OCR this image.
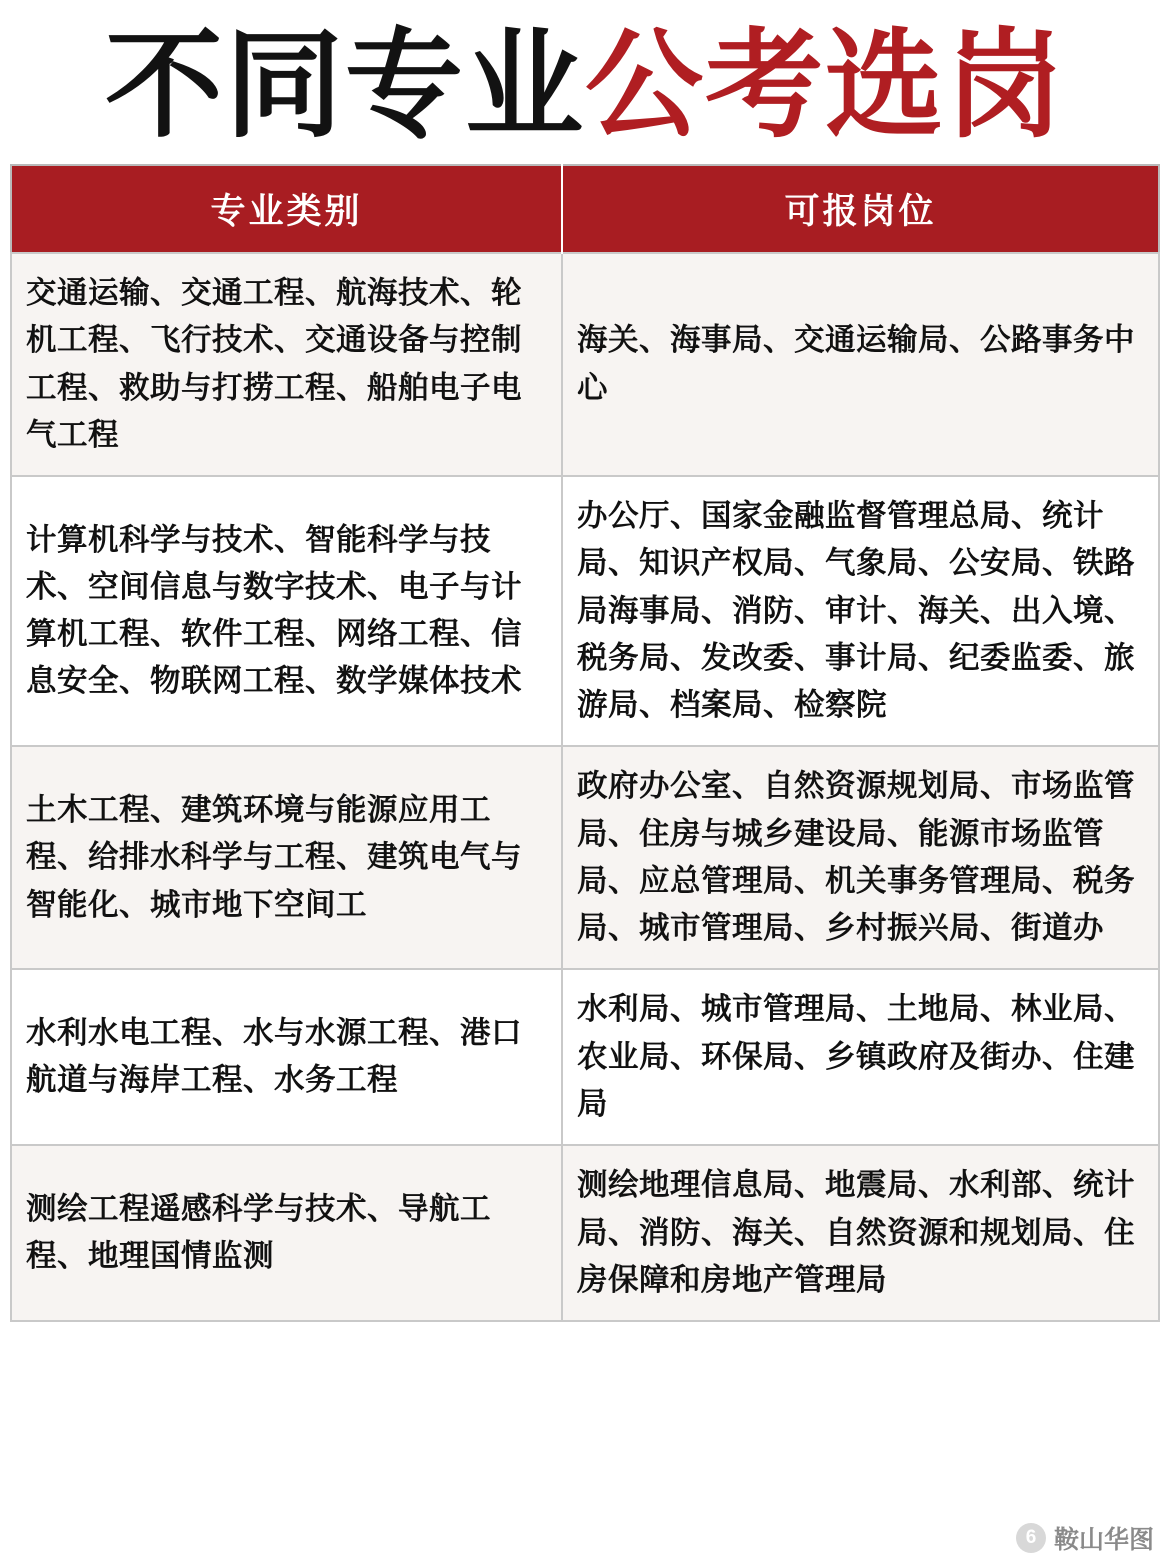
不同专业公考选岗
专业类别	可报岗位
交通运输、交通工程、航海技术、轮机工程、飞行技术、交通设备与控制工程、救助与打捞工程、船舶电子电气工程	海关、海事局、交通运输局、公路事务中心
计算机科学与技术、智能科学与技术、空间信息与数字技术、电子与计算机工程、软件工程、网络工程、信息安全、物联网工程、数学媒体技术	办公厅、国家金融监督管理总局、统计局、知识产权局、气象局、公安局、铁路局海事局、消防、审计、海关、出入境、税务局、发改委、事计局、纪委监委、旅游局、档案局、检察院
土木工程、建筑环境与能源应用工程、给排水科学与工程、建筑电气与智能化、城市地下空间工	政府办公室、自然资源规划局、市场监管局、住房与城乡建设局、能源市场监管局、应总管理局、机关事务管理局、税务局、城市管理局、乡村振兴局、街道办
水利水电工程、水与水源工程、港口航道与海岸工程、水务工程	水利局、城市管理局、土地局、林业局、农业局、环保局、乡镇政府及街办、住建局
测绘工程遥感科学与技术、导航工程、地理国情监测	测绘地理信息局、地震局、水利部、统计局、消防、海关、自然资源和规划局、住房保障和房地产管理局
6 鞍山华图
